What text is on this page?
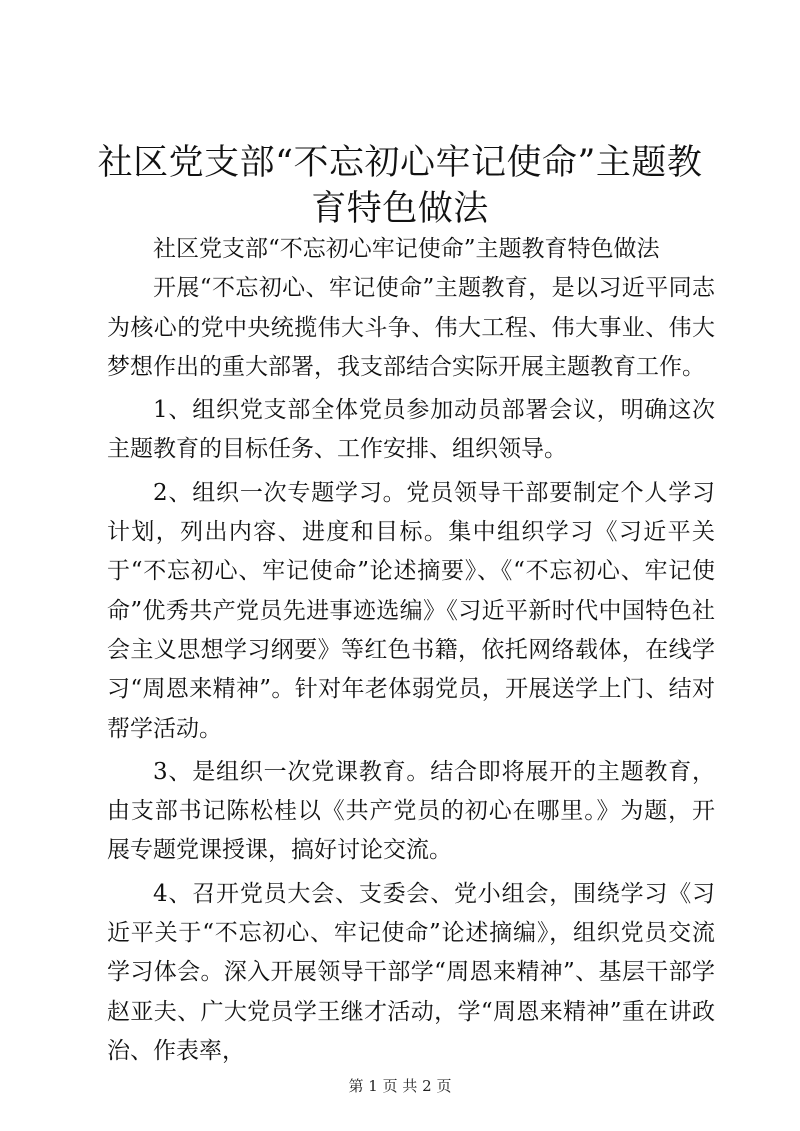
社区党支部“不忘初心牢记使命”主题教育特色做法

社区党支部“不忘初心牢记使命”主题教育特色做法

开展“不忘初心、牢记使命”主题教育，是以习近平同志为核心的党中央统揽伟大斗争、伟大工程、伟大事业、伟大梦想作出的重大部署，我支部结合实际开展主题教育工作。

1、组织党支部全体党员参加动员部署会议，明确这次主题教育的目标任务、工作安排、组织领导。

2、组织一次专题学习。党员领导干部要制定个人学习计划，列出内容、进度和目标。集中组织学习《习近平关于“不忘初心、牢记使命”论述摘要》、《“不忘初心、牢记使命”优秀共产党员先进事迹选编》《习近平新时代中国特色社会主义思想学习纲要》等红色书籍，依托网络载体，在线学习“周恩来精神”。针对年老体弱党员，开展送学上门、结对帮学活动。

3、是组织一次党课教育。结合即将展开的主题教育，由支部书记陈松桂以《共产党员的初心在哪里。》为题，开展专题党课授课，搞好讨论交流。

4、召开党员大会、支委会、党小组会，围绕学习《习近平关于“不忘初心、牢记使命”论述摘编》，组织党员交流学习体会。深入开展领导干部学“周恩来精神”、基层干部学赵亚夫、广大党员学王继才活动，学“周恩来精神”重在讲政治、作表率，

第 1 页 共 2 页
